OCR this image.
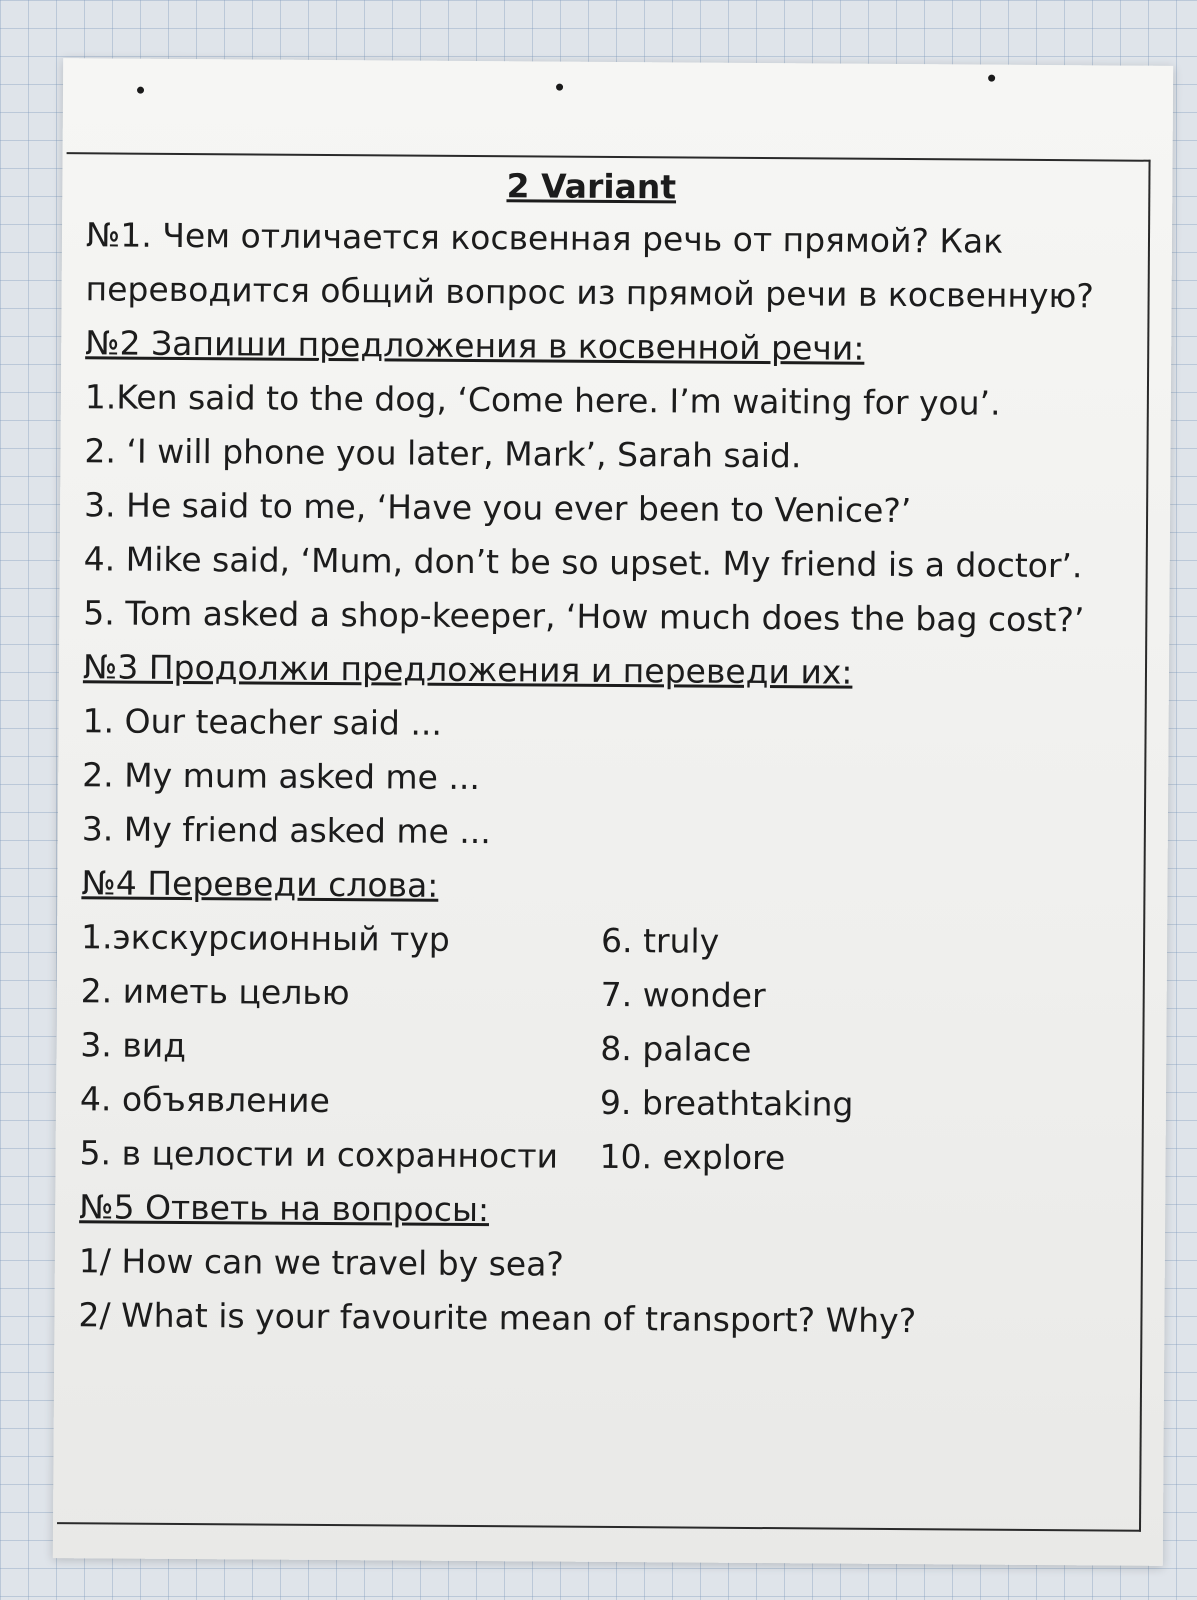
2 Variant
№1. Чем отличается косвенная речь от прямой? Как переводится общий вопрос из прямой речи в косвенную?
№2 Запиши предложения в косвенной речи:
1.Ken said to the dog, ‘Come here. I’m waiting for you’.
2. ‘I will phone you later, Mark’, Sarah said.
3. He said to me, ‘Have you ever been to Venice?’
4. Mike said, ‘Mum, don’t be so upset. My friend is a doctor’. 5. Tom asked a shop-keeper, ‘How much does the bag cost?’
№3 Продолжи предложения и переведи их:
1. Our teacher said ...
2. My mum asked me ...
3. My friend asked me ...
№4 Переведи слова:
1.экскурсионный тур
2. иметь целью
3. вид
4. объявление
5. в целости и сохранности
6. truly
7. wonder
8. palace
9. breathtaking
10. explore
№5 Ответь на вопросы:
1/ How can we travel by sea?
2/ What is your favourite mean of transport? Why?
